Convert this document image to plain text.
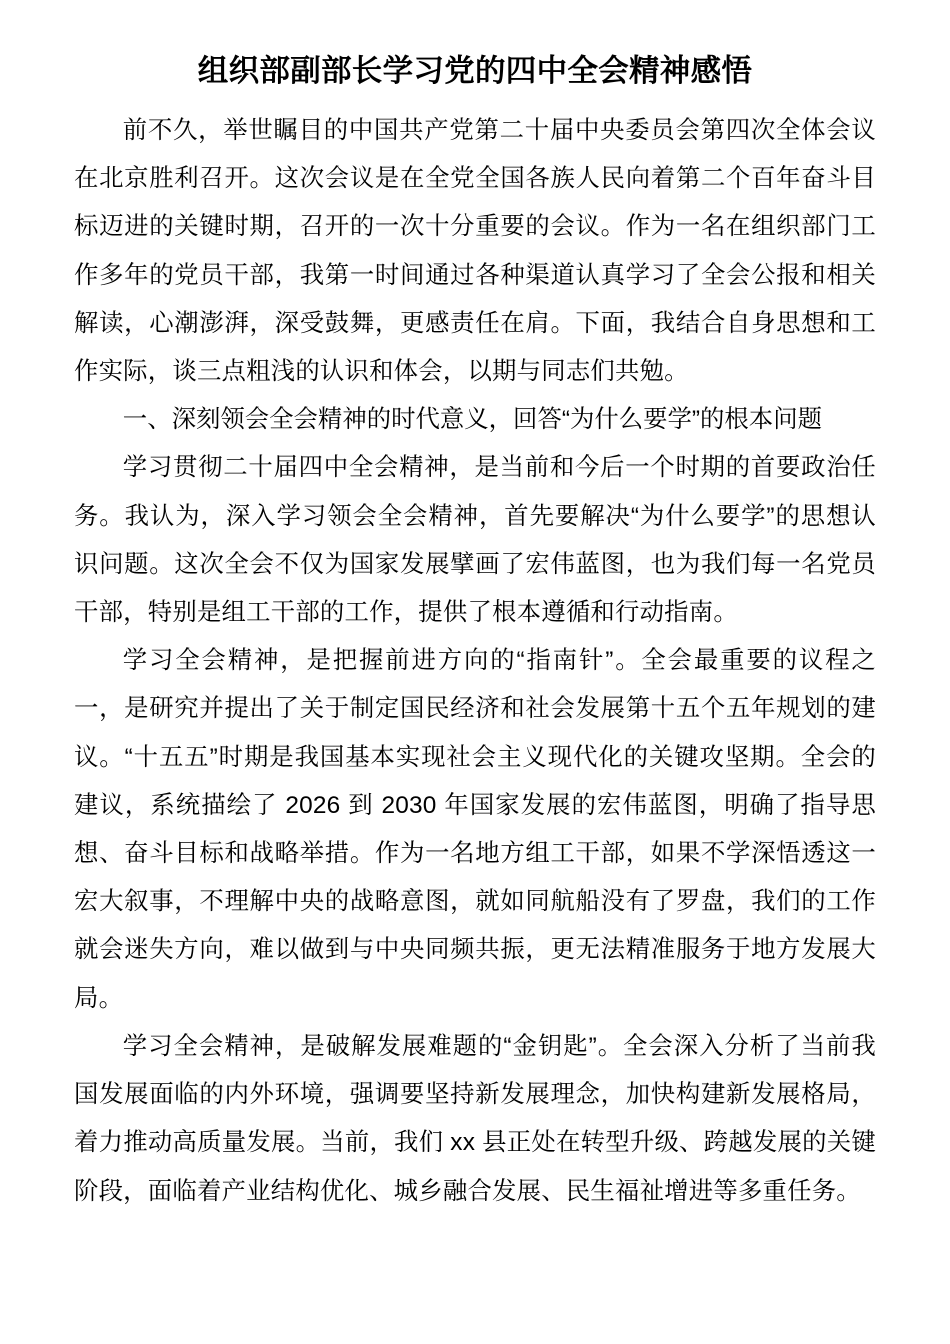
组织部副部长学习党的四中全会精神感悟

前不久，举世瞩目的中国共产党第二十届中央委员会第四次全体会议在北京胜利召开。这次会议是在全党全国各族人民向着第二个百年奋斗目标迈进的关键时期，召开的一次十分重要的会议。作为一名在组织部门工作多年的党员干部，我第一时间通过各种渠道认真学习了全会公报和相关解读，心潮澎湃，深受鼓舞，更感责任在肩。下面，我结合自身思想和工作实际，谈三点粗浅的认识和体会，以期与同志们共勉。

一、深刻领会全会精神的时代意义，回答“为什么要学”的根本问题

学习贯彻二十届四中全会精神，是当前和今后一个时期的首要政治任务。我认为，深入学习领会全会精神，首先要解决“为什么要学”的思想认识问题。这次全会不仅为国家发展擘画了宏伟蓝图，也为我们每一名党员干部，特别是组工干部的工作，提供了根本遵循和行动指南。

学习全会精神，是把握前进方向的“指南针”。全会最重要的议程之一，是研究并提出了关于制定国民经济和社会发展第十五个五年规划的建议。“十五五”时期是我国基本实现社会主义现代化的关键攻坚期。全会的建议，系统描绘了 2026 到 2030 年国家发展的宏伟蓝图，明确了指导思想、奋斗目标和战略举措。作为一名地方组工干部，如果不学深悟透这一宏大叙事，不理解中央的战略意图，就如同航船没有了罗盘，我们的工作就会迷失方向，难以做到与中央同频共振，更无法精准服务于地方发展大局。

学习全会精神，是破解发展难题的“金钥匙”。全会深入分析了当前我国发展面临的内外环境，强调要坚持新发展理念，加快构建新发展格局，着力推动高质量发展。当前，我们 xx 县正处在转型升级、跨越发展的关键阶段，面临着产业结构优化、城乡融合发展、民生福祉增进等多重任务。
